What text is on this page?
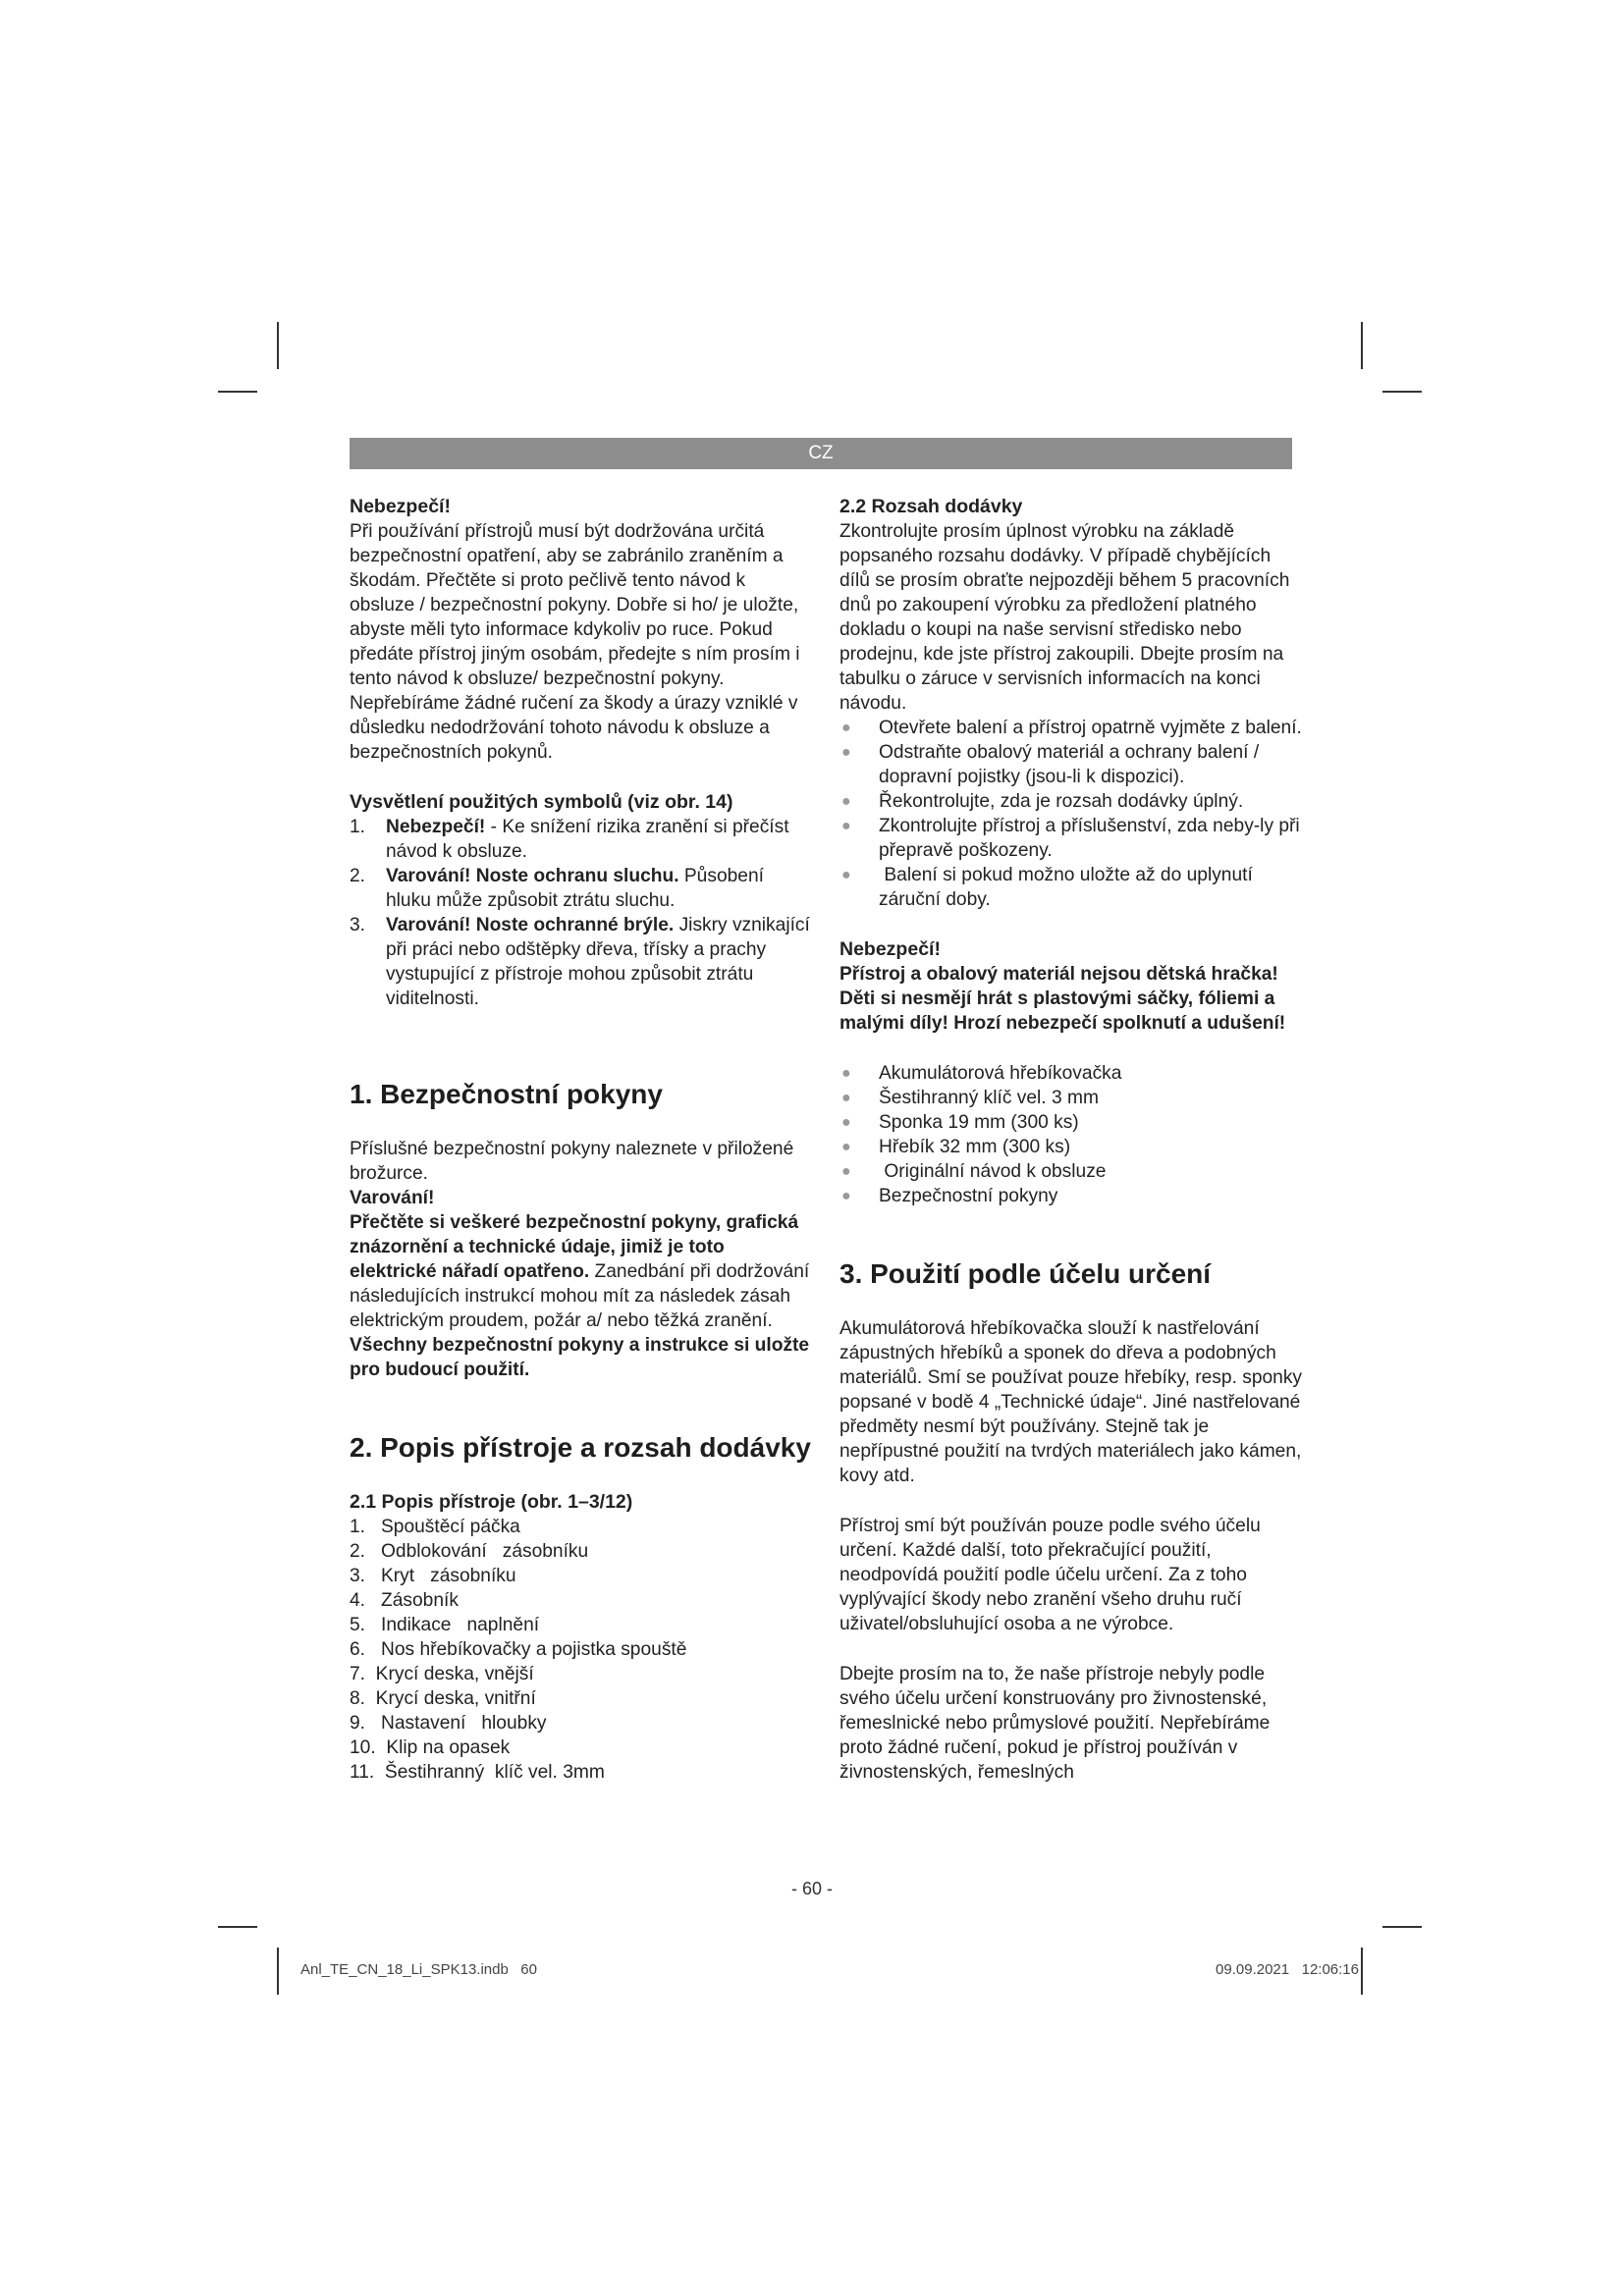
CZ

Nebezpečí!

Při používání přístrojů musí být dodržována určitá bezpečnostní opatření, aby se zabránilo zraněním a škodám. Přečtěte si proto pečlivě tento návod k obsluze / bezpečnostní pokyny. Dobře si ho/ je uložte, abyste měli tyto informace kdykoliv po ruce. Pokud předáte přístroj jiným osobám, předejte s ním prosím i tento návod k obsluze/ bezpečnostní pokyny. Nepřebíráme žádné ručení za škody a úrazy vzniklé v důsledku nedodržování tohoto návodu k obsluze a bezpečnostních pokynů.

Vysvětlení použitých symbolů (viz obr. 14)

1.	Nebezpečí! - Ke snížení rizika zranění si přečíst návod k obsluze.
2.	Varování! Noste ochranu sluchu. Působení hluku může způsobit ztrátu sluchu.
3.	Varování! Noste ochranné brýle. Jiskry vznikající při práci nebo odštěpky dřeva, třísky a prachy vystupující z přístroje mohou způsobit ztrátu viditelnosti.

1. Bezpečnostní pokyny

Příslušné bezpečnostní pokyny naleznete v přiložené brožurce.

Varování!

Přečtěte si veškeré bezpečnostní pokyny, grafická znázornění a technické údaje, jimiž je toto elektrické nářadí opatřeno. Zanedbání při dodržování následujících instrukcí mohou mít za následek zásah elektrickým proudem, požár a/ nebo těžká zranění.

Všechny bezpečnostní pokyny a instrukce si uložte pro budoucí použití.

2. Popis přístroje a rozsah dodávky

2.1 Popis přístroje (obr. 1–3/12)

1.   Spouštěcí páčka

2.   Odblokování   zásobníku

3.   Kryt   zásobníku

4.   Zásobník

5.   Indikace   naplnění

6.   Nos hřebíkovačky a pojistka spouště

7.  Krycí deska, vnější

8.  Krycí deska, vnitřní

9.   Nastavení   hloubky

10.  Klip na opasek

11.  Šestihranný  klíč vel. 3mm

2.2 Rozsah dodávky

Zkontrolujte prosím úplnost výrobku na základě popsaného rozsahu dodávky. V případě chybějících dílů se prosím obraťte nejpozději během 5 pracovních dnů po zakoupení výrobku za předložení platného dokladu o koupi na naše servisní středisko nebo prodejnu, kde jste přístroj zakoupili. Dbejte prosím na tabulku o záruce v servisních informacích na konci návodu.

●	Otevřete balení a přístroj opatrně vyjměte z balení.
●	Odstraňte obalový materiál a ochrany balení / dopravní pojistky (jsou-li k dispozici).
●	Řekontrolujte, zda je rozsah dodávky úplný.
●	Zkontrolujte přístroj a příslušenství, zda neby-ly při přepravě poškozeny.
●	Balení si pokud možno uložte až do uplynutí záruční doby.

Nebezpečí!

Přístroj a obalový materiál nejsou dětská hračka! Děti si nesmějí hrát s plastovými sáčky, fóliemi a malými díly! Hrozí nebezpečí spolknutí a udušení!

●	Akumulátorová hřebíkovačka
●	Šestihranný klíč vel. 3 mm
●	Sponka 19 mm (300 ks)
●	Hřebík 32 mm (300 ks)
●	Originální návod k obsluze
●	Bezpečnostní pokyny

3. Použití podle účelu určení

Akumulátorová hřebíkovačka slouží k nastřelování zápustných hřebíků a sponek do dřeva a podobných materiálů. Smí se používat pouze hřebíky, resp. sponky popsané v bodě 4 „Technické údaje“. Jiné nastřelované předměty nesmí být používány. Stejně tak je nepřípustné použití na tvrdých materiálech jako kámen, kovy atd.

Přístroj smí být používán pouze podle svého účelu určení. Každé další, toto překračující použití, neodpovídá použití podle účelu určení. Za z toho vyplývající škody nebo zranění všeho druhu ručí uživatel/obsluhující osoba a ne výrobce.

Dbejte prosím na to, že naše přístroje nebyly podle svého účelu určení konstruovány pro živnostenské, řemeslnické nebo průmyslové použití. Nepřebíráme proto žádné ručení, pokud je přístroj používán v živnostenských, řemeslných

- 60 -
Anl_TE_CN_18_Li_SPK13.indb   60	09.09.2021   12:06:16
